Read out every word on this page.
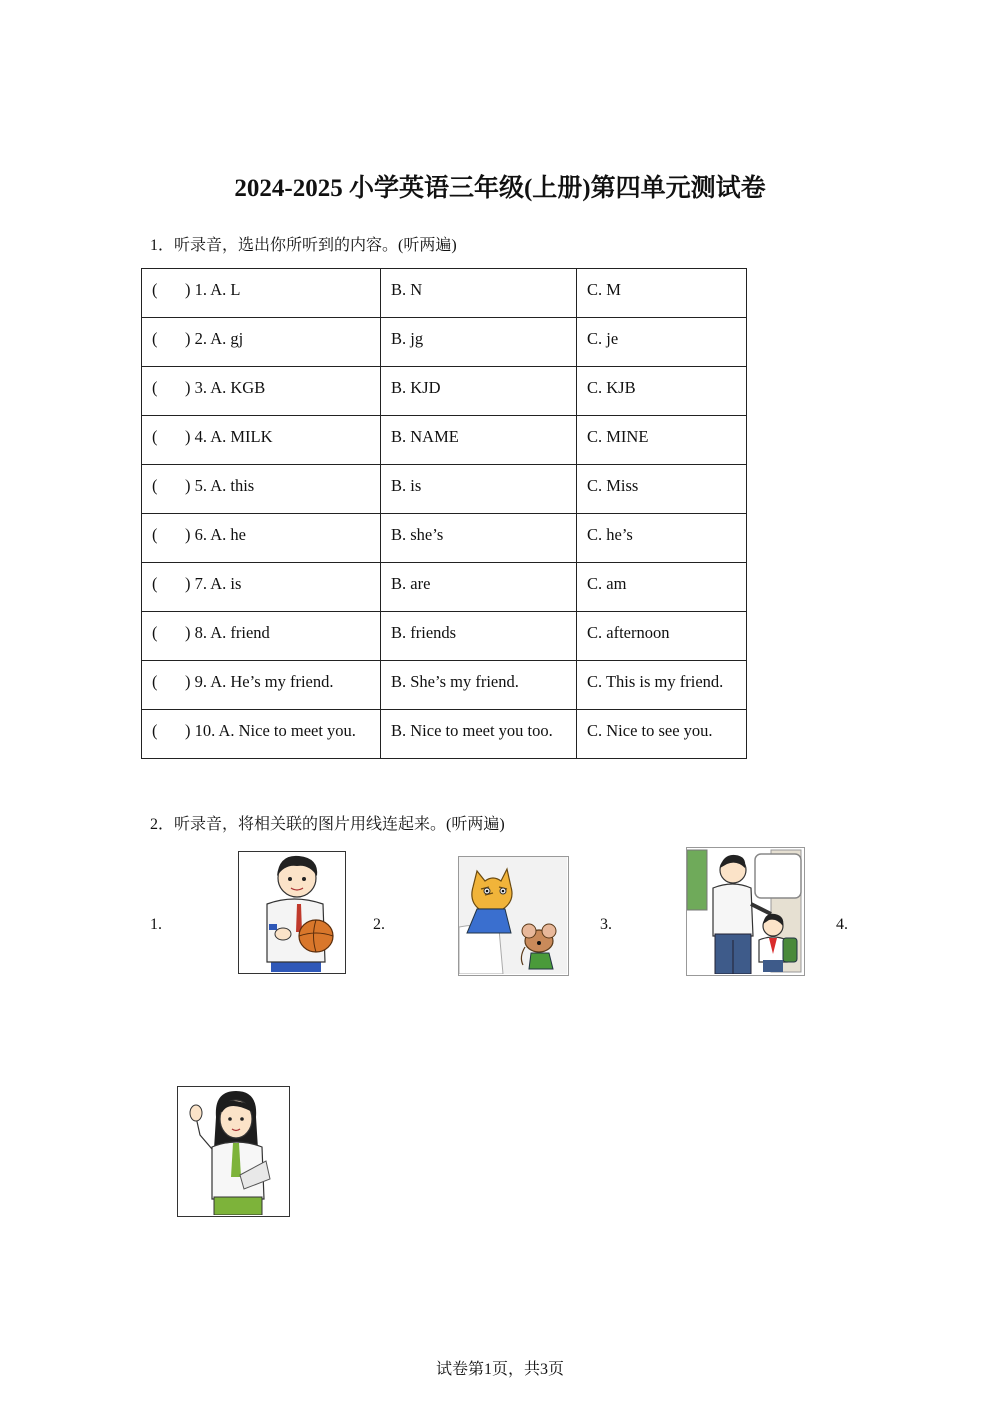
2024-2025 小学英语三年级(上册)第四单元测试卷
1．听录音，选出你所听到的内容。(听两遍)
( ) 1. A. L	B. N	C. M
( ) 2. A. gj	B. jg	C. je
( ) 3. A. KGB	B. KJD	C. KJB
( ) 4. A. MILK	B. NAME	C. MINE
( ) 5. A. this	B. is	C. Miss
( ) 6. A. he	B. she’s	C. he’s
( ) 7. A. is	B. are	C. am
( ) 8. A. friend	B. friends	C. afternoon
( ) 9. A. He’s my friend.	B. She’s my friend.	C. This is my friend.
( ) 10. A. Nice to meet you.	B. Nice to meet you too.	C. Nice to see you.
2．听录音，将相关联的图片用线连起来。(听两遍)
1.	2.	3.	4.
试卷第1页，共3页
